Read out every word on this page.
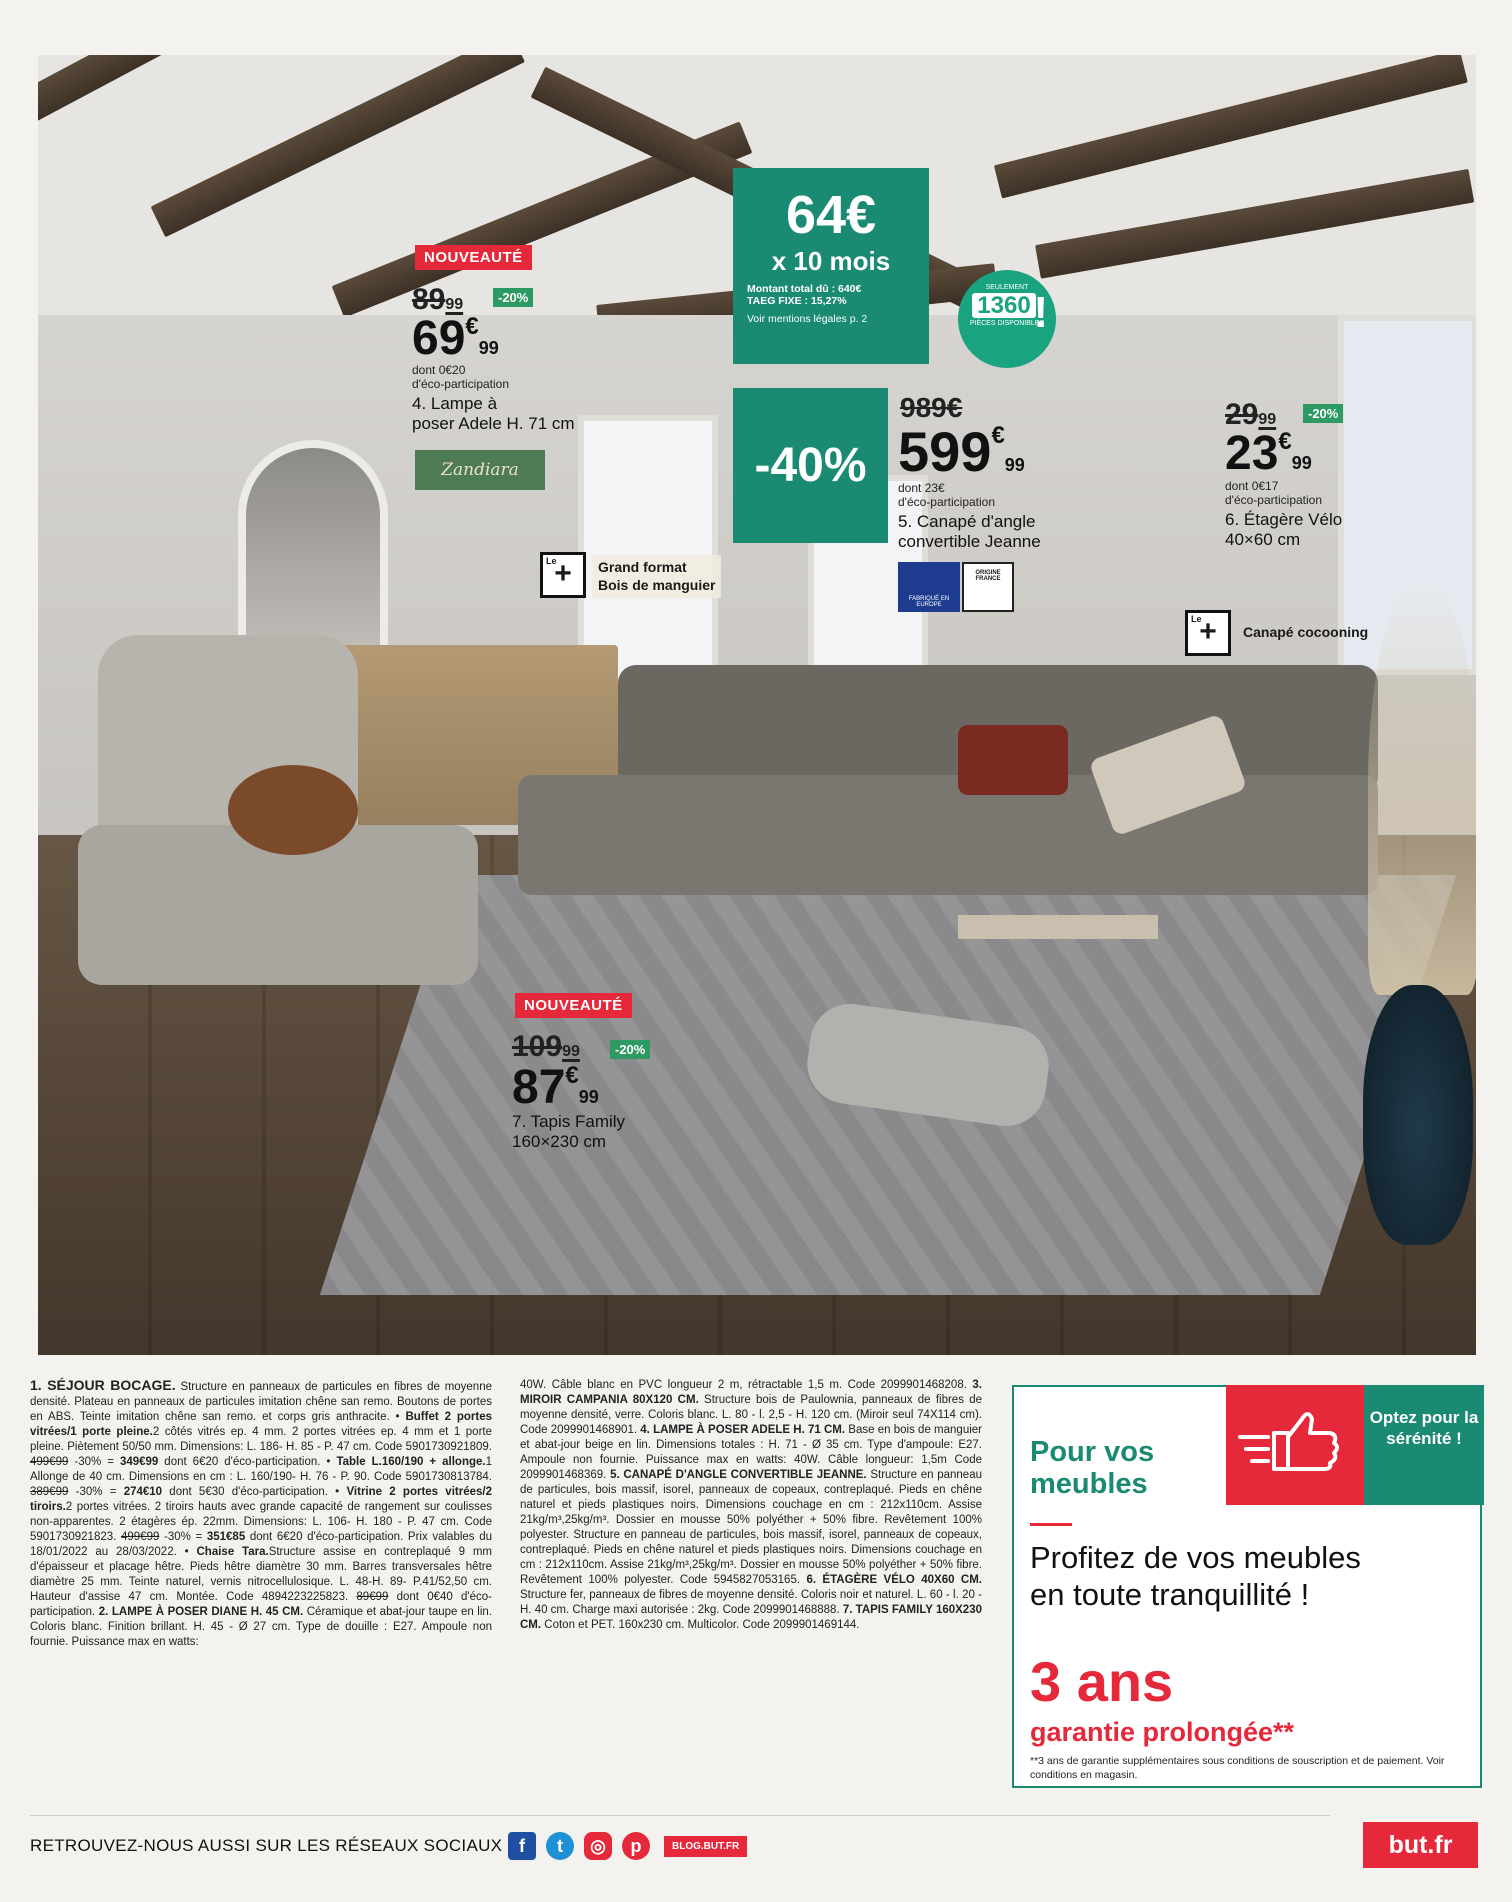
NOUVEAUTÉ
8999	-20%
69€99
dont 0€20
d'éco-participation
4. Lampe à
poser Adele H. 71 cm
Zandiara
64€
x 10 mois
Montant total dû : 640€
TAEG FIXE : 15,27%
Voir mentions légales p. 2
SEULEMENT
1360
PIÈCES DISPONIBLES
!
-40%
989€
599€99
dont 23€
d'éco-participation
5. Canapé d'angle
convertible Jeanne
FABRIQUÉ EN EUROPE
ORIGINE FRANCE
2999	-20%
23€99
dont 0€17
d'éco-participation
6. Étagère Vélo
40×60 cm
Le
+	Grand format
Bois de manguier
Le
+	Canapé cocooning
NOUVEAUTÉ
10999	-20%
87€99
7. Tapis Family
160×230 cm
1. SÉJOUR BOCAGE. Structure en panneaux de particules en fibres de moyenne densité. Plateau en panneaux de particules imitation chêne san remo. Boutons de portes en ABS. Teinte imitation chêne san remo. et corps gris anthracite. • Buffet 2 portes vitrées/1 porte pleine.2 côtés vitrés ep. 4 mm. 2 portes vitrées ep. 4 mm et 1 porte pleine. Piètement 50/50 mm. Dimensions: L. 186- H. 85 - P. 47 cm. Code 5901730921809. 499€99 -30% = 349€99 dont 6€20 d'éco-participation. • Table L.160/190 + allonge.1 Allonge de 40 cm. Dimensions en cm : L. 160/190- H. 76 - P. 90. Code 5901730813784. 389€99 -30% = 274€10 dont 5€30 d'éco-participation. • Vitrine 2 portes vitrées/2 tiroirs.2 portes vitrées. 2 tiroirs hauts avec grande capacité de rangement sur coulisses non-apparentes. 2 étagères ép. 22mm. Dimensions: L. 106- H. 180 - P. 47 cm. Code 5901730921823. 499€99 -30% = 351€85 dont 6€20 d'éco-participation. Prix valables du 18/01/2022 au 28/03/2022. • Chaise Tara.Structure assise en contreplaqué 9 mm d'épaisseur et placage hêtre. Pieds hêtre diamètre 30 mm. Barres transversales hêtre diamètre 25 mm. Teinte naturel, vernis nitrocellulosique. L. 48-H. 89- P.41/52,50 cm. Hauteur d'assise 47 cm. Montée. Code 4894223225823. 89€99 dont 0€40 d'éco-participation. 2. LAMPE À POSER DIANE H. 45 CM. Céramique et abat-jour taupe en lin. Coloris blanc. Finition brillant. H. 45 - Ø 27 cm. Type de douille : E27. Ampoule non fournie. Puissance max en watts:
40W. Câble blanc en PVC longueur 2 m, rétractable 1,5 m. Code 2099901468208. 3. MIROIR CAMPANIA 80X120 CM. Structure bois de Paulownia, panneaux de fibres de moyenne densité, verre. Coloris blanc. L. 80 - l. 2,5 - H. 120 cm. (Miroir seul 74X114 cm). Code 2099901468901. 4. LAMPE À POSER ADELE H. 71 CM. Base en bois de manguier et abat-jour beige en lin. Dimensions totales : H. 71 - Ø 35 cm. Type d'ampoule: E27. Ampoule non fournie. Puissance max en watts: 40W. Câble longueur: 1,5m Code 2099901468369. 5. CANAPÉ D'ANGLE CONVERTIBLE JEANNE. Structure en panneau de particules, bois massif, isorel, panneaux de copeaux, contreplaqué. Pieds en chêne naturel et pieds plastiques noirs. Dimensions couchage en cm : 212x110cm. Assise 21kg/m³,25kg/m³. Dossier en mousse 50% polyéther + 50% fibre. Revêtement 100% polyester. Structure en panneau de particules, bois massif, isorel, panneaux de copeaux, contreplaqué. Pieds en chêne naturel et pieds plastiques noirs. Dimensions couchage en cm : 212x110cm. Assise 21kg/m³,25kg/m³. Dossier en mousse 50% polyéther + 50% fibre. Revêtement 100% polyester. Code 5945827053165. 6. ÉTAGÈRE VÉLO 40X60 CM. Structure fer, panneaux de fibres de moyenne densité. Coloris noir et naturel. L. 60 - l. 20 - H. 40 cm. Charge maxi autorisée : 2kg. Code 2099901468888. 7. TAPIS FAMILY 160X230 CM. Coton et PET. 160x230 cm. Multicolor. Code 2099901469144.
Optez pour la sérénité !
Pour vos
meubles
Profitez de vos meubles
en toute tranquillité !
3 ans
garantie prolongée**
**3 ans de garantie supplémentaires sous conditions de souscription et de paiement. Voir conditions en magasin.
RETROUVEZ-NOUS AUSSI SUR LES RÉSEAUX SOCIAUX f	t	◎	p	BLOG.BUT.FR	but.fr
